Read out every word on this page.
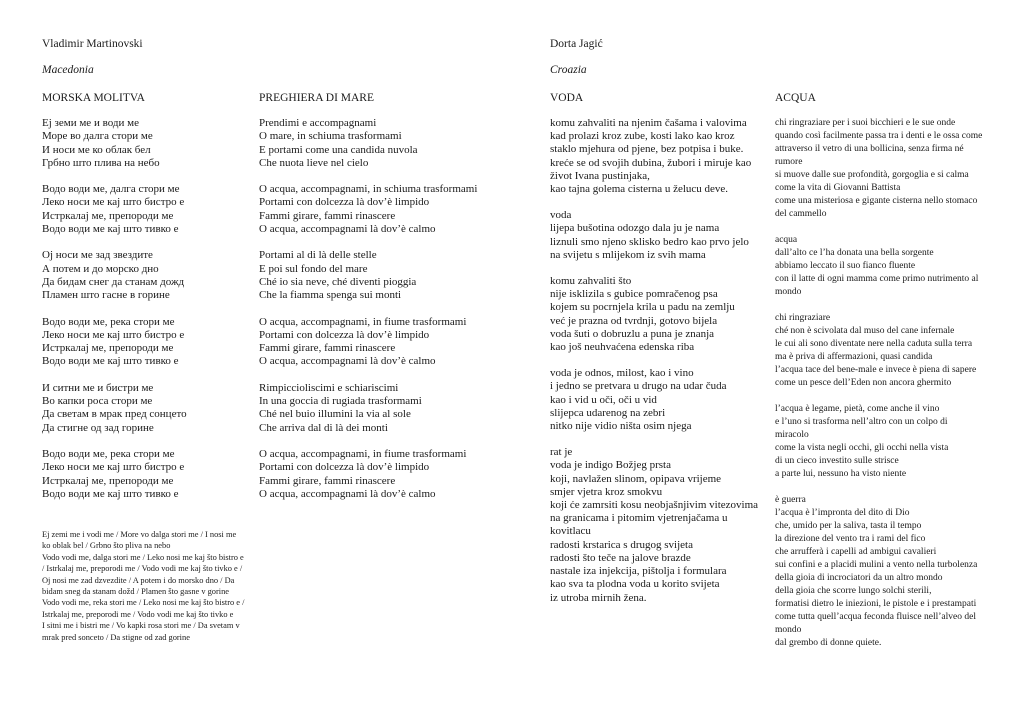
Vladimir Martinovski

Macedonia

MORSKA MOLITVA
Еј земи ме и води ме
Море во далга стори ме
И носи ме ко облак бел
Грбно што плива на небо
Водо води ме, далга стори ме
Леко носи ме кај што бистро е
Истркалај ме, препороди ме
Водо води ме кај што тивко е
Ој носи ме зад звездите
А потем и до морско дно
Да бидам снег да станам дожд
Пламен што гасне в горине
Водо води ме, река стори ме
Леко носи ме кај што бистро е
Истркалај ме, препороди ме
Водо води ме кај што тивко е
И ситни ме и бистри ме
Во капки роса стори ме
Да светам в мрак пред сонцето
Да стигне од зад горине
Водо води ме, река стори ме
Леко носи ме кај што бистро е
Истркалај ме, препороди ме
Водо води ме кај што тивко е
PREGHIERA DI MARE
Prendimi e accompagnami
O mare, in schiuma trasformami
E portami come una candida nuvola
Che nuota lieve nel cielo
O acqua, accompagnami, in schiuma trasformami
Portami con dolcezza là dov’è limpido
Fammi girare, fammi rinascere
O acqua, accompagnami là dov’è calmo
Portami al di là delle stelle
E poi sul fondo del mare
Ché io sia neve, ché diventi pioggia
Che la fiamma spenga sui monti
O acqua, accompagnami, in fiume trasformami
Portami con dolcezza là dov’è limpido
Fammi girare, fammi rinascere
O acqua, accompagnami là dov’è calmo
Rimpiccioliscimi e schiariscimi
In una goccia di rugiada trasformami
Ché nel buio illumini la via al sole
Che arriva dal di là dei monti
O acqua, accompagnami, in fiume trasformami
Portami con dolcezza là dov’è limpido
Fammi girare, fammi rinascere
O acqua, accompagnami là dov’è calmo
Ej zemi me i vodi me / More vo dalga stori me / I nosi me
ko oblak bel / Grbno što pliva na nebo
Vodo vodi me, dalga stori me / Leko nosi me kaj što bistro e
/ Istrkalaj me, preporodi me / Vodo vodi me kaj što tivko e /
Oj nosi me zad dzvezdite / A potem i do morsko dno / Da
bidam sneg da stanam dožd / Plamen što gasne v gorine
Vodo vodi me, reka stori me / Leko nosi me kaj što bistro e /
Istrkalaj me, preporodi me / Vodo vodi me kaj što tivko e
I sitni me i bistri me / Vo kapki rosa stori me / Da svetam v
mrak pred sonceto / Da stigne od zad gorine

Dorta Jagić

Croazia

VODA
komu zahvaliti na njenim čašama i valovima
kad prolazi kroz zube, kosti lako kao kroz
staklo mjehura od pjene, bez potpisa i buke.
kreće se od svojih dubina, žubori i miruje kao
život Ivana pustinjaka,
kao tajna golema cisterna u želucu deve.
voda
lijepa bušotina odozgo dala ju je nama
liznuli smo njeno sklisko bedro kao prvo jelo
na svijetu s mlijekom iz svih mama
komu zahvaliti što
nije isklizila s gubice pomračenog psa
kojem su pocrnjela krila u padu na zemlju
već je prazna od tvrdnji, gotovo bijela
voda šuti o dobruzlu a puna je znanja
kao još neuhvaćena edenska riba
voda je odnos, milost, kao i vino
i jedno se pretvara u drugo na udar čuda
kao i vid u oči, oči u vid
slijepca udarenog na zebri
nitko nije vidio ništa osim njega
rat je
voda je indigo Božjeg prsta
koji, navlažen slinom, opipava vrijeme
smjer vjetra kroz smokvu
koji će zamrsiti kosu neobjašnjivim vitezovima
na granicama i pitomim vjetrenjačama u
kovitlacu
radosti krstarica s drugog svijeta
radosti što teče na jalove brazde
nastale iza injekcija, pištolja i formulara
kao sva ta plodna voda u korito svijeta
iz utroba mirnih žena.
ACQUA
chi ringraziare per i suoi bicchieri e le sue onde
quando così facilmente passa tra i denti e le ossa come
attraverso il vetro di una bollicina, senza firma né
rumore
si muove dalle sue profondità, gorgoglia e si calma
come la vita di Giovanni Battista
come una misteriosa e gigante cisterna nello stomaco
del cammello
acqua
dall’alto ce l’ha donata una bella sorgente
abbiamo leccato il suo fianco fluente
con il latte di ogni mamma come primo nutrimento al
mondo
chi ringraziare
ché non è scivolata dal muso del cane infernale
le cui ali sono diventate nere nella caduta sulla terra
ma è priva di affermazioni, quasi candida
l’acqua tace del bene-male e invece è piena di sapere
come un pesce dell’Eden non ancora ghermito
l’acqua è legame, pietà, come anche il vino
e l’uno si trasforma nell’altro con un colpo di
miracolo
come la vista negli occhi, gli occhi nella vista
di un cieco investito sulle strisce
a parte lui, nessuno ha visto niente
è guerra
l’acqua è l’impronta del dito di Dio
che, umido per la saliva, tasta il tempo
la direzione del vento tra i rami del fico
che arrufferà i capelli ad ambigui cavalieri
sui confini e a placidi mulini a vento nella turbolenza
della gioia di incrociatori da un altro mondo
della gioia che scorre lungo solchi sterili,
formatisi dietro le iniezioni, le pistole e i prestampati
come tutta quell’acqua feconda fluisce nell’alveo del
mondo
dal grembo di donne quiete.
